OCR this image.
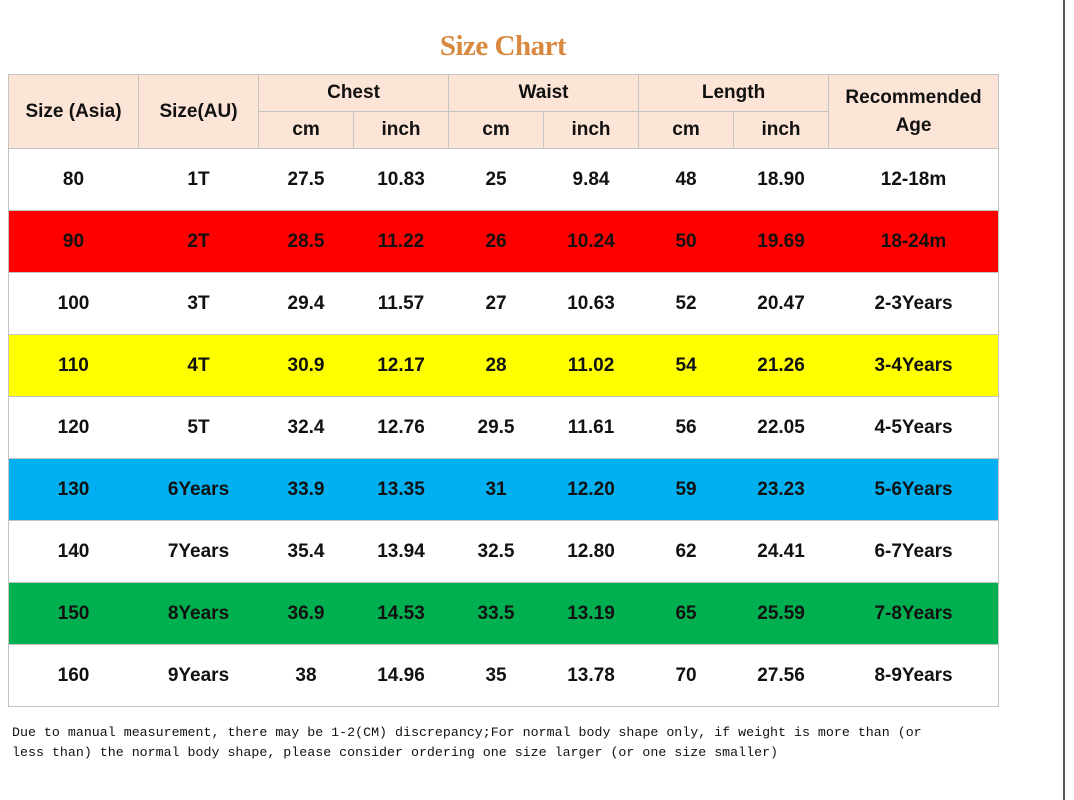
Size Chart
Size (Asia)	Size(AU)	Chest		Waist		Length		Recommended
Age
		cm	inch	cm	inch	cm	inch	
80	1T	27.5	10.83	25	9.84	48	18.90	12-18m
90	2T	28.5	11.22	26	10.24	50	19.69	18-24m
100	3T	29.4	11.57	27	10.63	52	20.47	2-3Years
110	4T	30.9	12.17	28	11.02	54	21.26	3-4Years
120	5T	32.4	12.76	29.5	11.61	56	22.05	4-5Years
130	6Years	33.9	13.35	31	12.20	59	23.23	5-6Years
140	7Years	35.4	13.94	32.5	12.80	62	24.41	6-7Years
150	8Years	36.9	14.53	33.5	13.19	65	25.59	7-8Years
160	9Years	38	14.96	35	13.78	70	27.56	8-9Years
Due to manual measurement, there may be 1-2(CM) discrepancy;For normal body shape only, if weight is more than (or
less than) the normal body shape, please consider ordering one size larger (or one size smaller)
